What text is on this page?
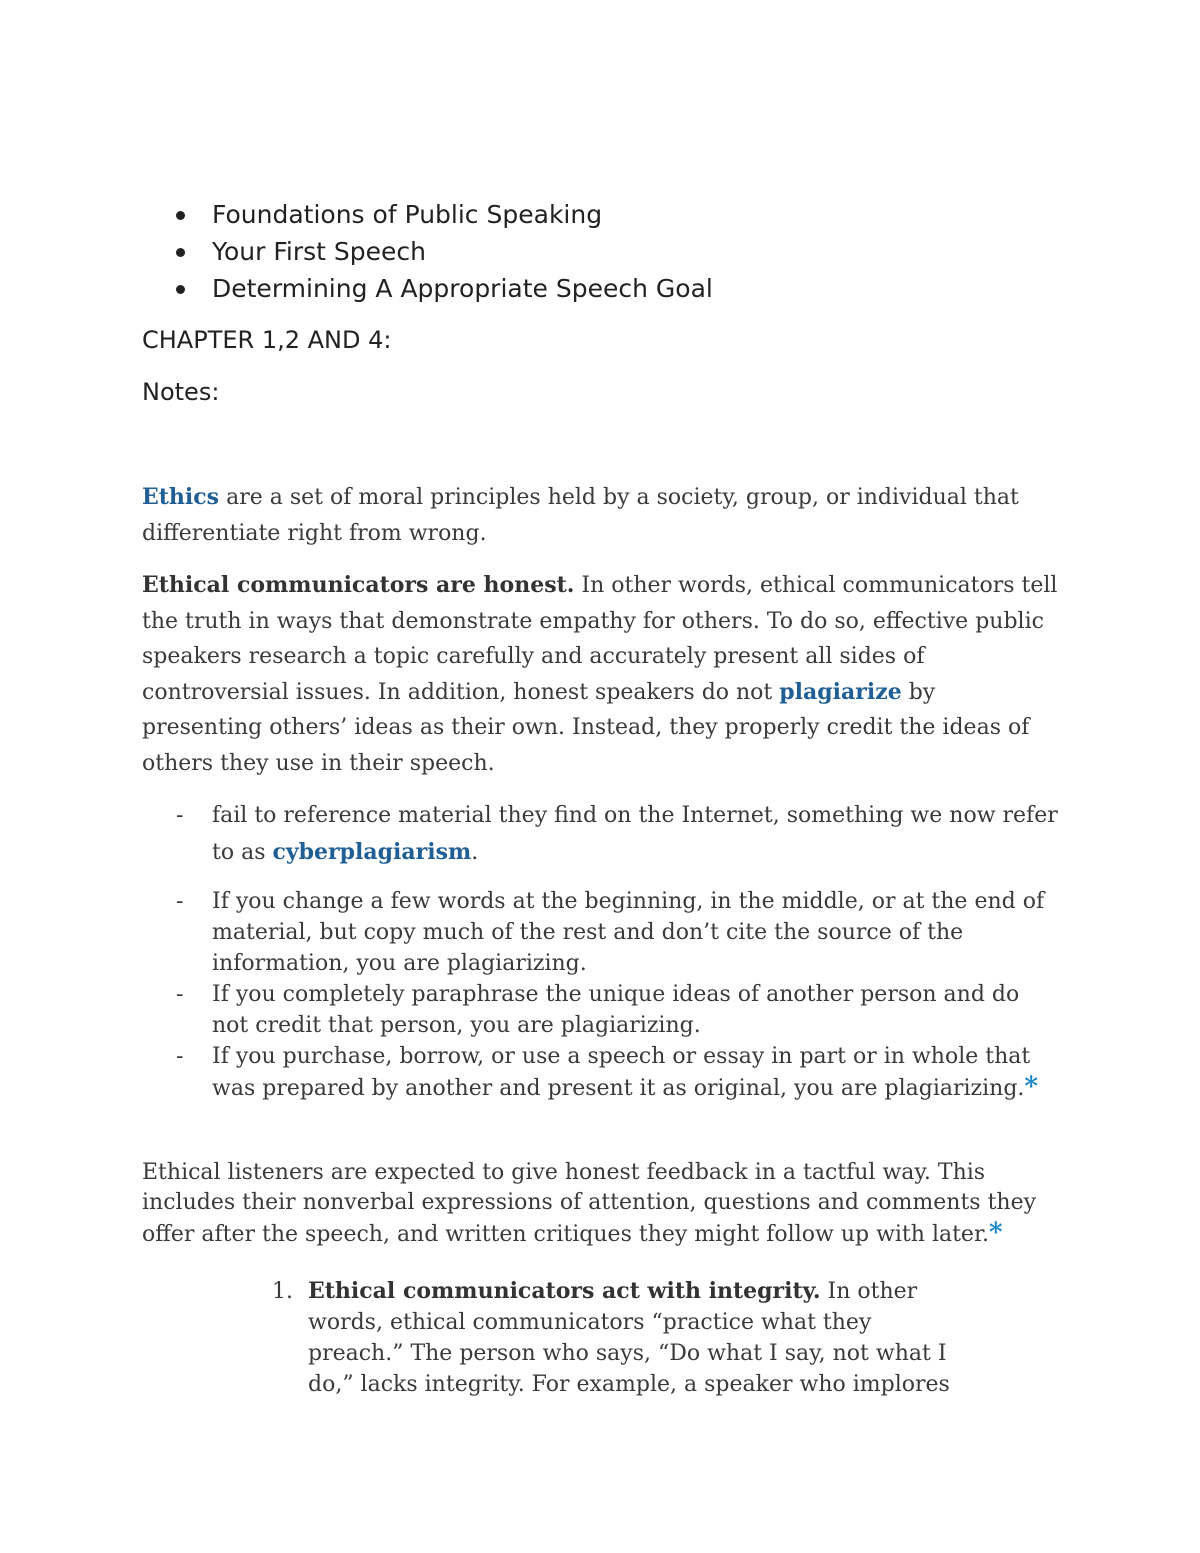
Foundations of Public Speaking
Your First Speech
Determining A Appropriate Speech Goal

CHAPTER 1,2 AND 4:

Notes:

Ethics are a set of moral principles held by a society, group, or individual that
differentiate right from wrong.

Ethical communicators are honest. In other words, ethical communicators tell
the truth in ways that demonstrate empathy for others. To do so, effective public
speakers research a topic carefully and accurately present all sides of
controversial issues. In addition, honest speakers do not plagiarize by
presenting others’ ideas as their own. Instead, they properly credit the ideas of
others they use in their speech.

- fail to reference material they find on the Internet, something we now refer
to as cyberplagiarism.
- If you change a few words at the beginning, in the middle, or at the end of
material, but copy much of the rest and don’t cite the source of the
information, you are plagiarizing.
- If you completely paraphrase the unique ideas of another person and do
not credit that person, you are plagiarizing.
- If you purchase, borrow, or use a speech or essay in part or in whole that
was prepared by another and present it as original, you are plagiarizing.*

Ethical listeners are expected to give honest feedback in a tactful way. This
includes their nonverbal expressions of attention, questions and comments they
offer after the speech, and written critiques they might follow up with later.*

1. Ethical communicators act with integrity. In other
words, ethical communicators “practice what they
preach.” The person who says, “Do what I say, not what I
do,” lacks integrity. For example, a speaker who implores
